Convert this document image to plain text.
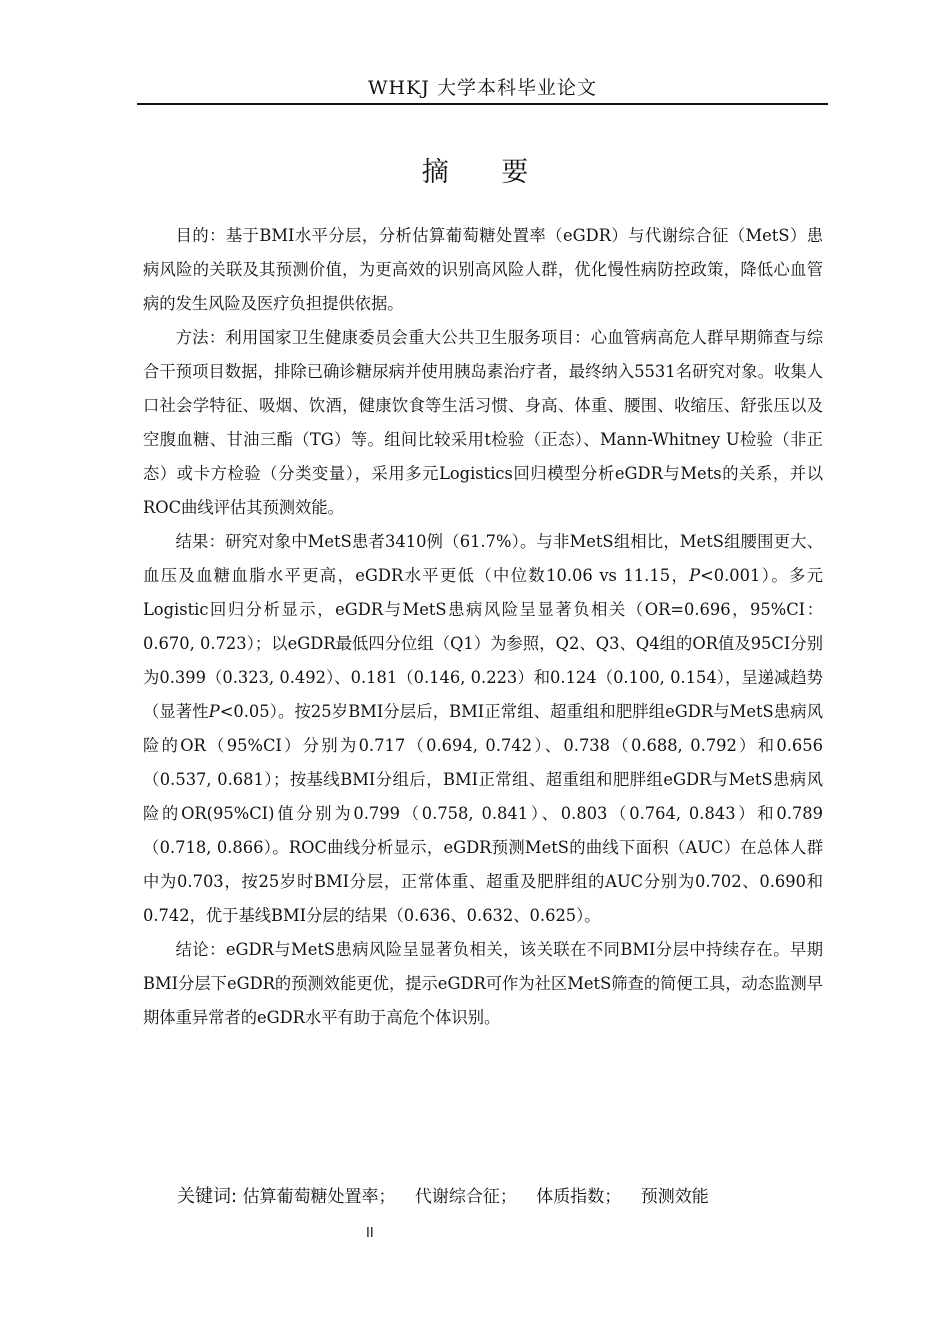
WHKJ 大学本科毕业论文
摘 要

目的：基于BMI水平分层，分析估算葡萄糖处置率（eGDR）与代谢综合征（MetS）患病风险的关联及其预测价值，为更高效的识别高风险人群，优化慢性病防控政策，降低心血管病的发生风险及医疗负担提供依据。

方法：利用国家卫生健康委员会重大公共卫生服务项目：心血管病高危人群早期筛查与综合干预项目数据，排除已确诊糖尿病并使用胰岛素治疗者，最终纳入5531名研究对象。收集人口社会学特征、吸烟、饮酒，健康饮食等生活习惯、身高、体重、腰围、收缩压、舒张压以及空腹血糖、甘油三酯（TG）等。组间比较采用t检验（正态）、Mann-Whitney U检验（非正态）或卡方检验（分类变量），采用多元Logistics回归模型分析eGDR与Mets的关系，并以ROC曲线评估其预测效能。

结果：研究对象中MetS患者3410例（61.7%）。与非MetS组相比，MetS组腰围更大、血压及血糖血脂水平更高，eGDR水平更低（中位数10.06 vs 11.15，P<0.001）。多元Logistic回归分析显示，eGDR与MetS患病风险呈显著负相关（OR=0.696，95%CI：0.670, 0.723）；以eGDR最低四分位组（Q1）为参照，Q2、Q3、Q4组的OR值及95CI分别为0.399（0.323, 0.492）、0.181（0.146, 0.223）和0.124（0.100, 0.154），呈递减趋势（显著性P<0.05）。按25岁BMI分层后，BMI正常组、超重组和肥胖组eGDR与MetS患病风险的OR（95%CI）分别为0.717（0.694, 0.742）、0.738（0.688, 0.792）和0.656（0.537, 0.681）；按基线BMI分组后，BMI正常组、超重组和肥胖组eGDR与MetS患病风险的OR(95%CI)值分别为0.799（0.758, 0.841）、0.803（0.764, 0.843）和0.789（0.718, 0.866）。ROC曲线分析显示，eGDR预测MetS的曲线下面积（AUC）在总体人群中为0.703，按25岁时BMI分层，正常体重、超重及肥胖组的AUC分别为0.702、0.690和0.742，优于基线BMI分层的结果（0.636、0.632、0.625）。

结论：eGDR与MetS患病风险呈显著负相关，该关联在不同BMI分层中持续存在。早期BMI分层下eGDR的预测效能更优，提示eGDR可作为社区MetS筛查的简便工具，动态监测早期体重异常者的eGDR水平有助于高危个体识别。

关键词: 估算葡萄糖处置率； 代谢综合征； 体质指数； 预测效能
II
